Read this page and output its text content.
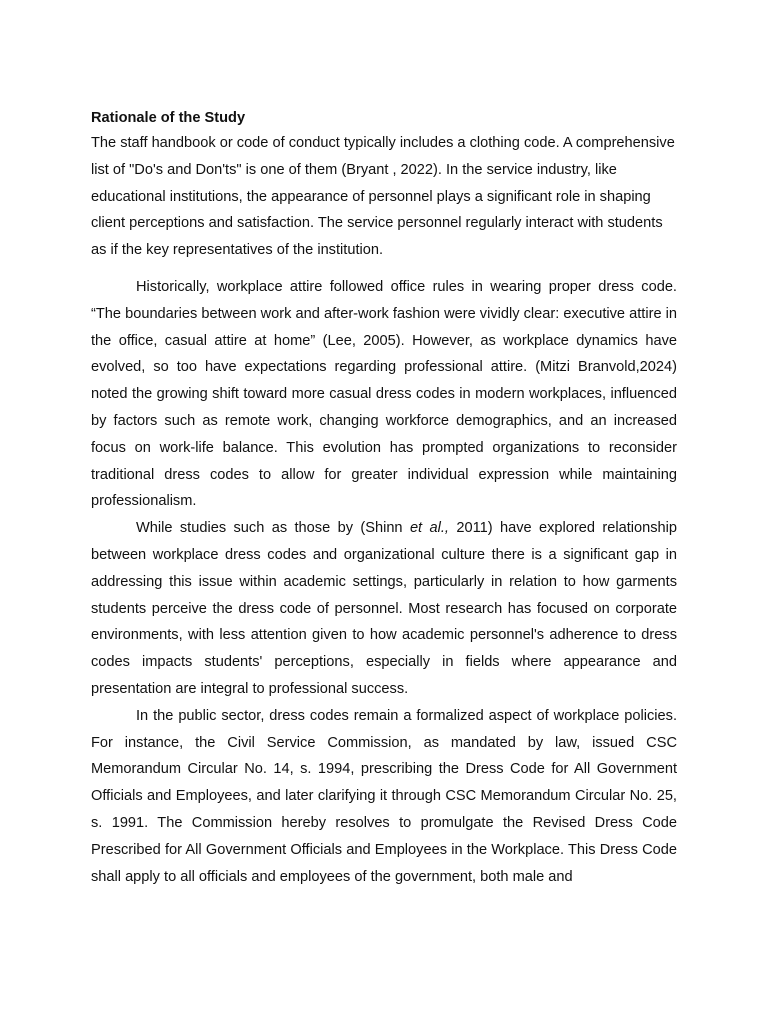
Rationale of the Study

The staff handbook or code of conduct typically includes a clothing code. A comprehensive list of "Do's and Don'ts" is one of them (Bryant , 2022). In the service industry, like educational institutions, the appearance of personnel plays a significant role in shaping client perceptions and satisfaction. The service personnel regularly interact with students as if the key representatives of the institution.

Historically, workplace attire followed office rules in wearing proper dress code. “The boundaries between work and after-work fashion were vividly clear: executive attire in the office, casual attire at home” (Lee, 2005). However, as workplace dynamics have evolved, so too have expectations regarding professional attire. (Mitzi Branvold,2024) noted the growing shift toward more casual dress codes in modern workplaces, influenced by factors such as remote work, changing workforce demographics, and an increased focus on work-life balance. This evolution has prompted organizations to reconsider traditional dress codes to allow for greater individual expression while maintaining professionalism.

While studies such as those by (Shinn et al., 2011) have explored relationship between workplace dress codes and organizational culture there is a significant gap in addressing this issue within academic settings, particularly in relation to how garments students perceive the dress code of personnel. Most research has focused on corporate environments, with less attention given to how academic personnel's adherence to dress codes impacts students' perceptions, especially in fields where appearance and presentation are integral to professional success.

In the public sector, dress codes remain a formalized aspect of workplace policies. For instance, the Civil Service Commission, as mandated by law, issued CSC Memorandum Circular No. 14, s. 1994, prescribing the Dress Code for All Government Officials and Employees, and later clarifying it through CSC Memorandum Circular No. 25, s. 1991. The Commission hereby resolves to promulgate the Revised Dress Code Prescribed for All Government Officials and Employees in the Workplace. This Dress Code shall apply to all officials and employees of the government, both male and
